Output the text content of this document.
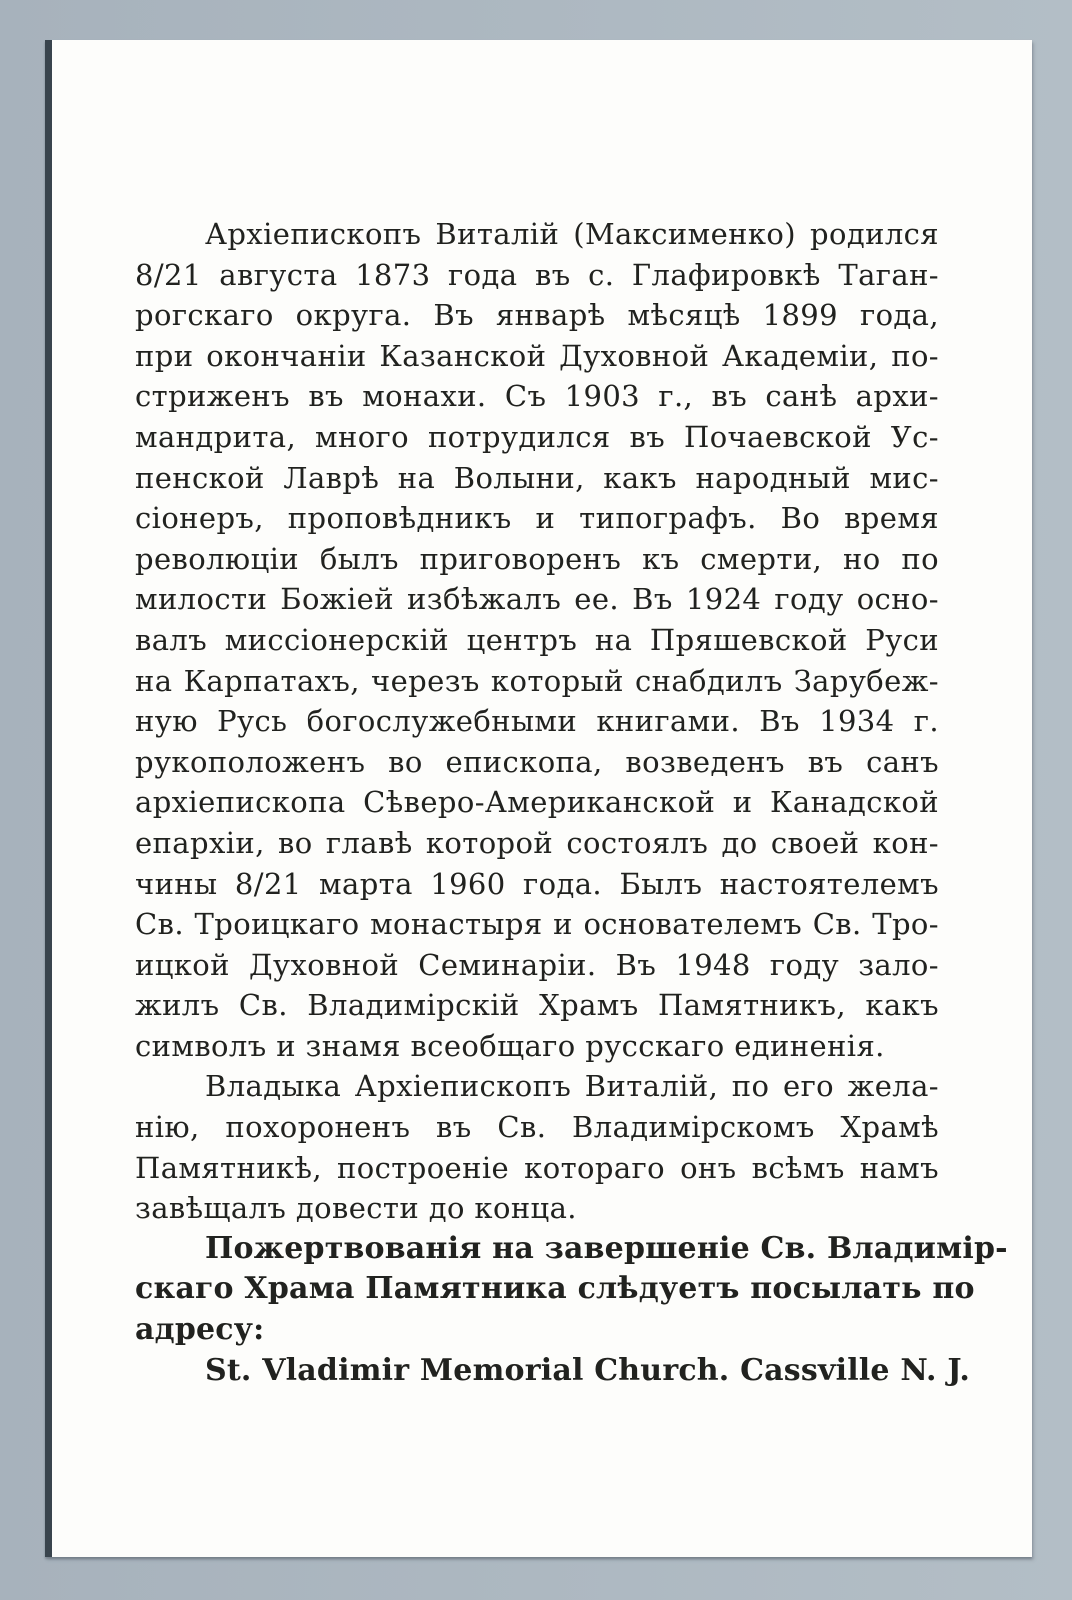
Архіепископъ Виталій (Максименко) родился
8/21 августа 1873 года въ с. Глафировкѣ Таган-
рогскаго округа. Въ январѣ мѣсяцѣ 1899 года,
при окончаніи Казанской Духовной Академіи, по-
стриженъ въ монахи. Съ 1903 г., въ санѣ архи-
мандрита, много потрудился въ Почаевской Ус-
пенской Лаврѣ на Волыни, какъ народный мис-
сіонеръ, проповѣдникъ и типографъ. Во время
революціи былъ приговоренъ къ смерти, но по
милости Божіей избѣжалъ ее. Въ 1924 году осно-
валъ миссіонерскій центръ на Пряшевской Руси
на Карпатахъ, черезъ который снабдилъ Зарубеж-
ную Русь богослужебными книгами. Въ 1934 г.
рукоположенъ во епископа, возведенъ въ санъ
архіепископа Сѣверо-Американской и Канадской
епархіи, во главѣ которой состоялъ до своей кон-
чины 8/21 марта 1960 года. Былъ настоятелемъ
Св. Троицкаго монастыря и основателемъ Св. Тро-
ицкой Духовной Семинаріи. Въ 1948 году зало-
жилъ Св. Владимірскій Храмъ Памятникъ, какъ
символъ и знамя всеобщаго русскаго единенія.
Владыка Архіепископъ Виталій, по его жела-
нію, похороненъ въ Св. Владимірскомъ Храмѣ
Памятникѣ, построеніе котораго онъ всѣмъ намъ
завѣщалъ довести до конца.
Пожертвованія на завершеніе Св. Владимір-
скаго Храма Памятника слѣдуетъ посылать по
адресу:
St. Vladimir Memorial Church. Cassville N. J.
